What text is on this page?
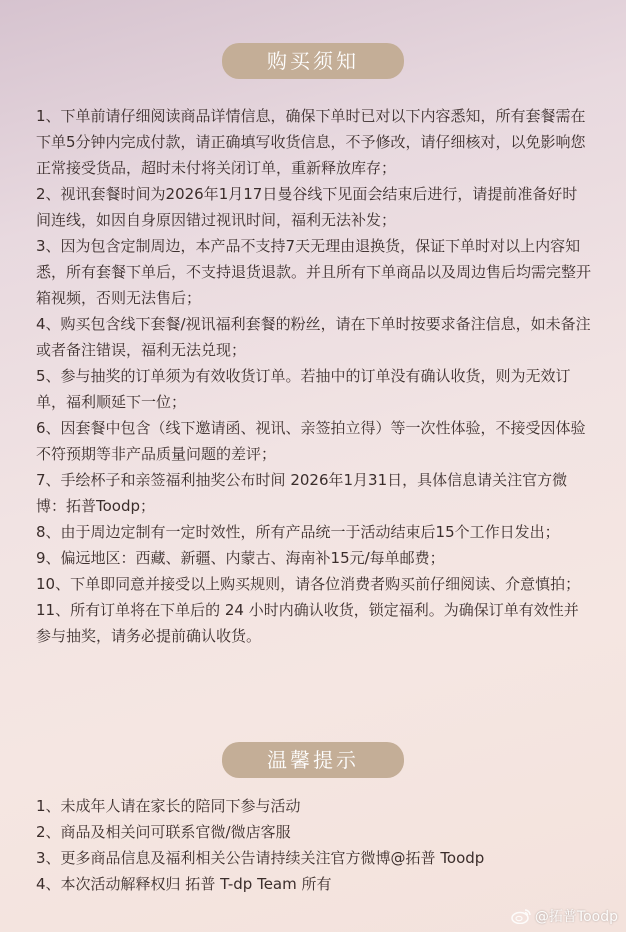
购买须知
1、下单前请仔细阅读商品详情信息，确保下单时已对以下内容悉知，所有套餐需在下单5分钟内完成付款，请正确填写收货信息，不予修改，请仔细核对，以免影响您正常接受货品，超时未付将关闭订单，重新释放库存；
2、视讯套餐时间为2026年1月17日曼谷线下见面会结束后进行，请提前准备好时间连线，如因自身原因错过视讯时间，福利无法补发；
3、因为包含定制周边，本产品不支持7天无理由退换货，保证下单时对以上内容知悉，所有套餐下单后，不支持退货退款。并且所有下单商品以及周边售后均需完整开箱视频，否则无法售后；
4、购买包含线下套餐/视讯福利套餐的粉丝，请在下单时按要求备注信息，如未备注或者备注错误，福利无法兑现；
5、参与抽奖的订单须为有效收货订单。若抽中的订单没有确认收货，则为无效订单，福利顺延下一位；
6、因套餐中包含（线下邀请函、视讯、亲签拍立得）等一次性体验，不接受因体验不符预期等非产品质量问题的差评；
7、手绘杯子和亲签福利抽奖公布时间 2026年1月31日，具体信息请关注官方微博：拓普Toodp；
8、由于周边定制有一定时效性，所有产品统一于活动结束后15个工作日发出；
9、偏远地区：西藏、新疆、内蒙古、海南补15元/每单邮费；
10、下单即同意并接受以上购买规则，请各位消费者购买前仔细阅读、介意慎拍；
11、所有订单将在下单后的 24 小时内确认收货，锁定福利。为确保订单有效性并参与抽奖，请务必提前确认收货。
温馨提示
1、未成年人请在家长的陪同下参与活动
2、商品及相关问可联系官微/微店客服
3、更多商品信息及福利相关公告请持续关注官方微博@拓普 Toodp
4、本次活动解释权归 拓普 T-dp Team 所有
@拓普Toodp
